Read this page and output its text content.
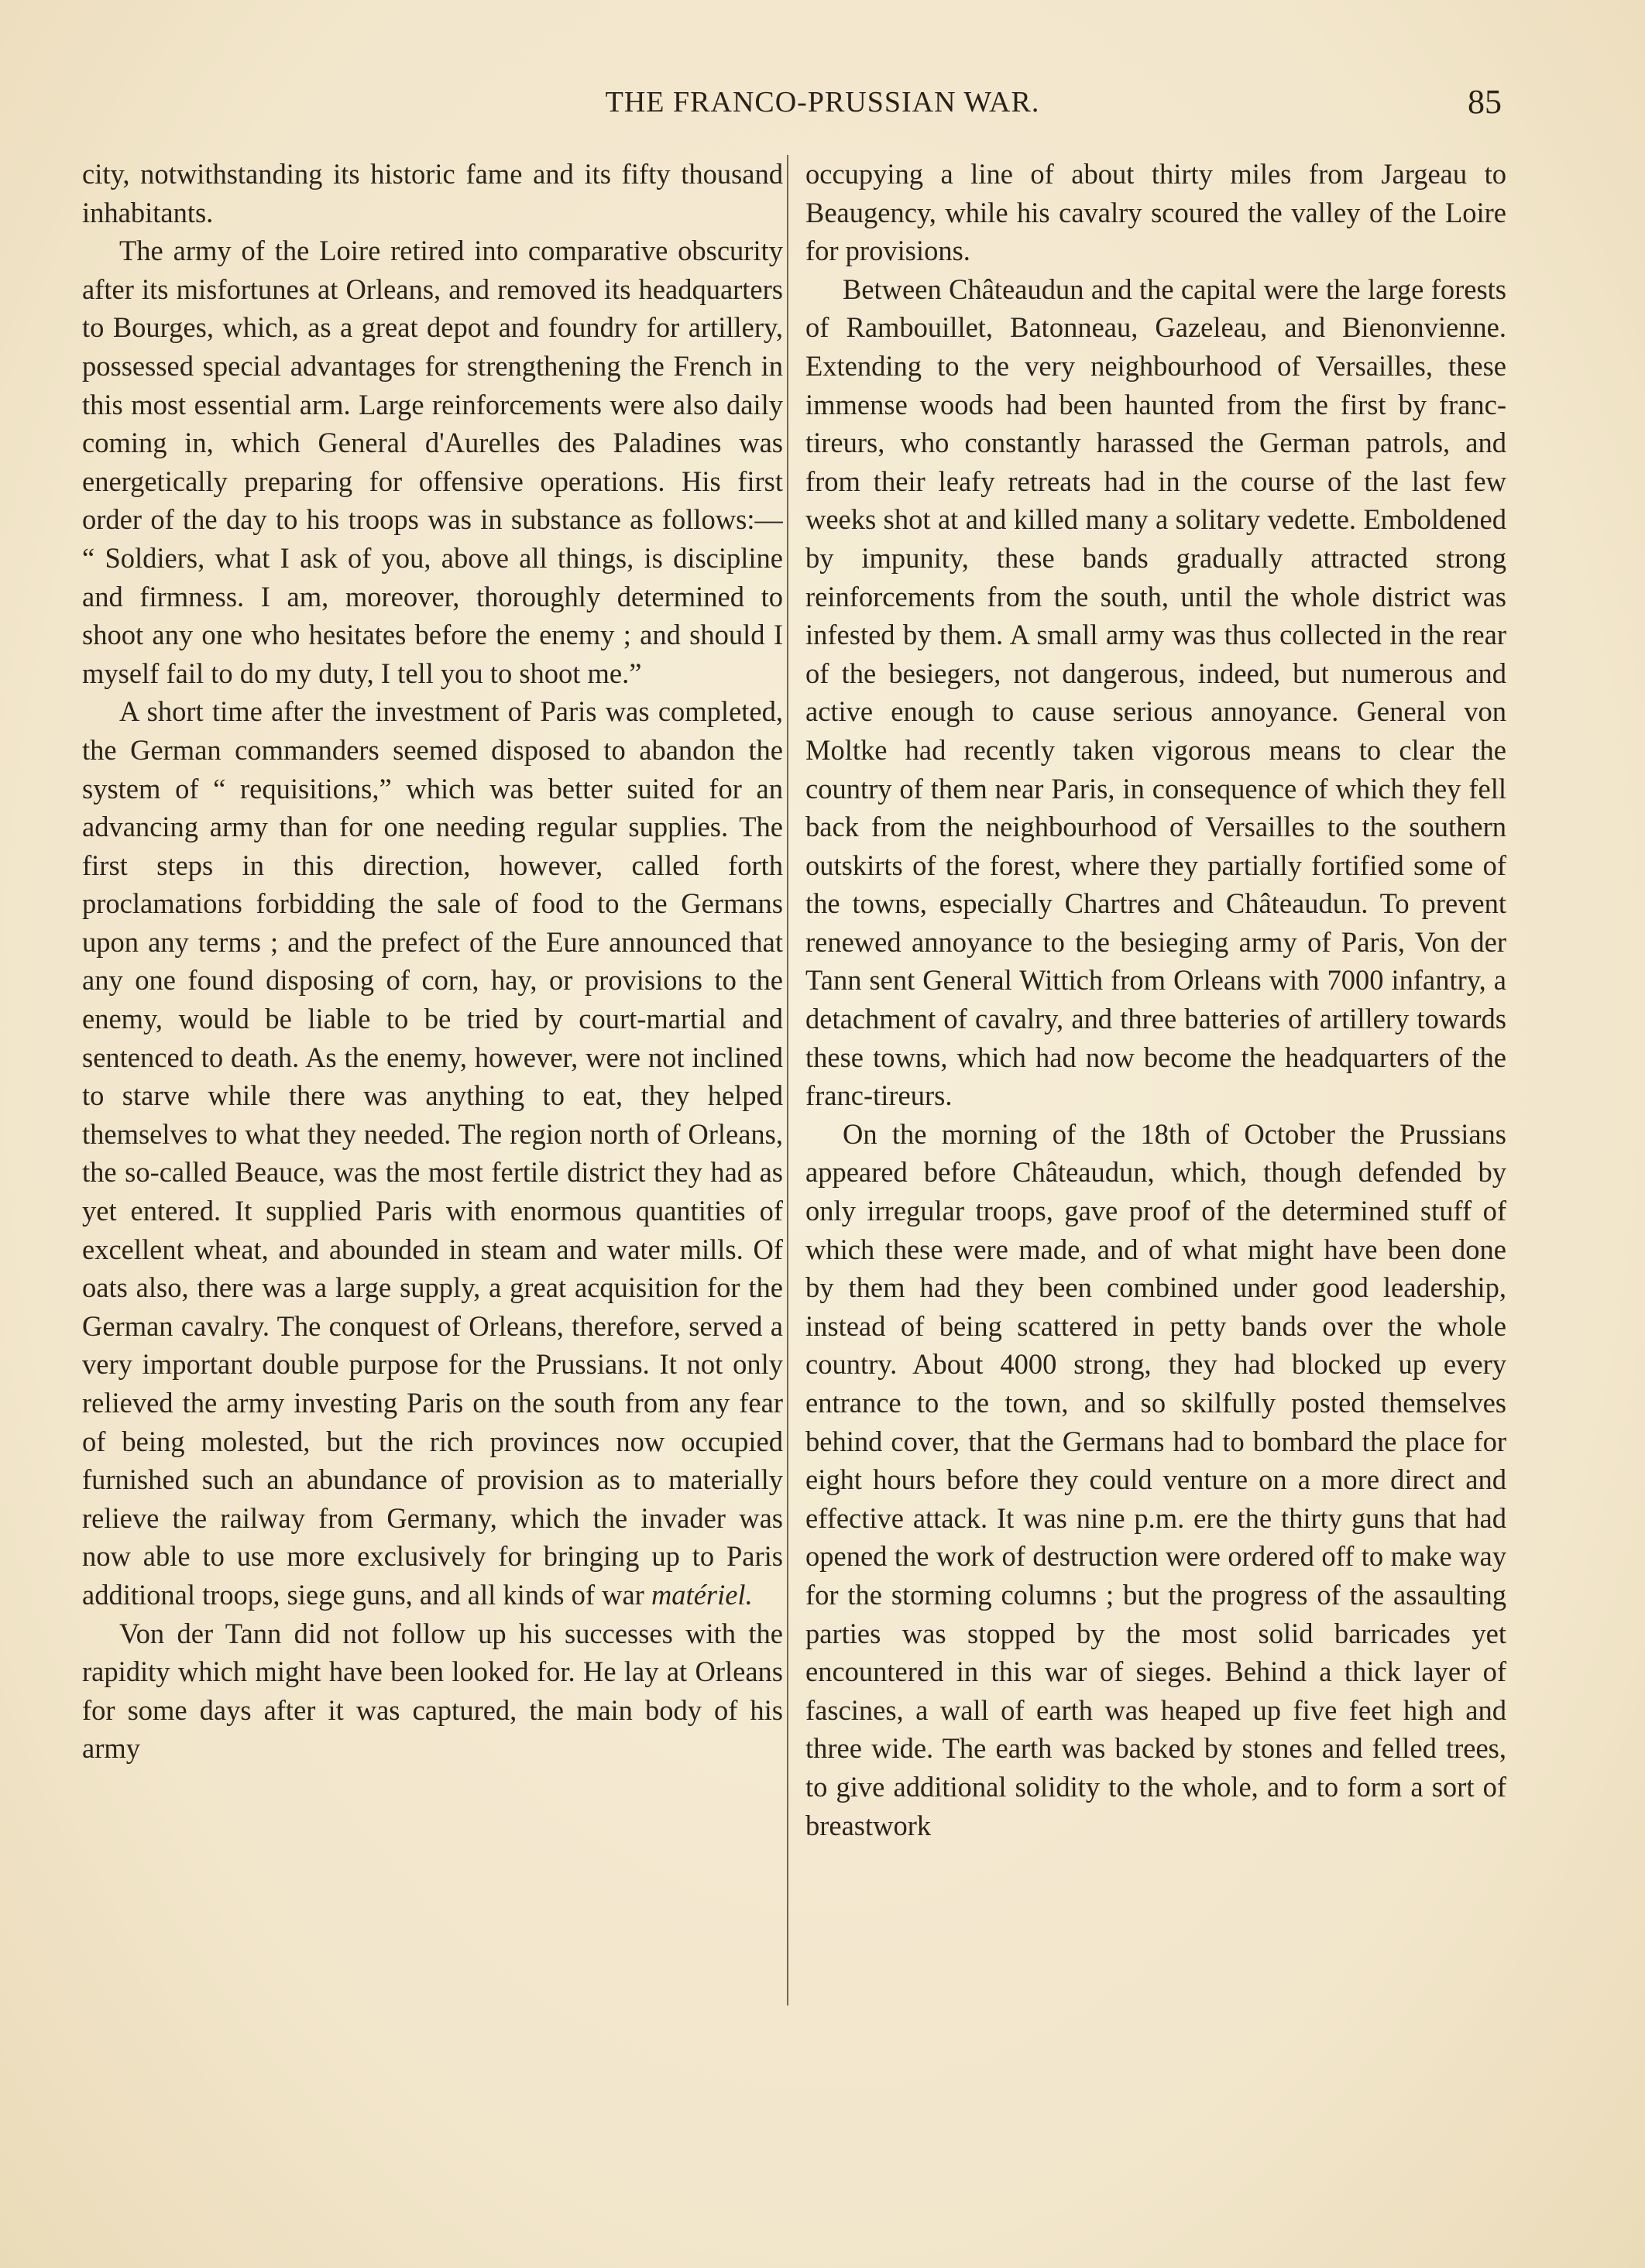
THE FRANCO-PRUSSIAN WAR.	85

city, notwithstanding its historic fame and its fifty thousand inhabitants.

The army of the Loire retired into comparative obscurity after its misfortunes at Orleans, and removed its headquarters to Bourges, which, as a great depot and foundry for artillery, possessed special advantages for strengthening the French in this most essential arm. Large reinforcements were also daily coming in, which General d'Aurelles des Paladines was energetically preparing for offensive operations. His first order of the day to his troops was in substance as follows:— “ Soldiers, what I ask of you, above all things, is discipline and firmness. I am, moreover, thoroughly determined to shoot any one who hesitates before the enemy ; and should I myself fail to do my duty, I tell you to shoot me.”

A short time after the investment of Paris was completed, the German commanders seemed disposed to abandon the system of “ requisitions,” which was better suited for an advancing army than for one needing regular supplies. The first steps in this direction, however, called forth proclamations forbidding the sale of food to the Germans upon any terms ; and the prefect of the Eure announced that any one found disposing of corn, hay, or provisions to the enemy, would be liable to be tried by court-martial and sentenced to death. As the enemy, however, were not inclined to starve while there was anything to eat, they helped themselves to what they needed. The region north of Orleans, the so-called Beauce, was the most fertile district they had as yet entered. It supplied Paris with enormous quantities of excellent wheat, and abounded in steam and water mills. Of oats also, there was a large supply, a great acquisition for the German cavalry. The conquest of Orleans, therefore, served a very important double purpose for the Prussians. It not only relieved the army investing Paris on the south from any fear of being molested, but the rich provinces now occupied furnished such an abundance of provision as to materially relieve the railway from Germany, which the invader was now able to use more exclusively for bringing up to Paris additional troops, siege guns, and all kinds of war matériel.

Von der Tann did not follow up his successes with the rapidity which might have been looked for. He lay at Orleans for some days after it was captured, the main body of his army

occupying a line of about thirty miles from Jargeau to Beaugency, while his cavalry scoured the valley of the Loire for provisions.

Between Châteaudun and the capital were the large forests of Rambouillet, Batonneau, Gazeleau, and Bienonvienne. Extending to the very neighbourhood of Versailles, these immense woods had been haunted from the first by franc-tireurs, who constantly harassed the German patrols, and from their leafy retreats had in the course of the last few weeks shot at and killed many a solitary vedette. Emboldened by impunity, these bands gradually attracted strong reinforcements from the south, until the whole district was infested by them. A small army was thus collected in the rear of the besiegers, not dangerous, indeed, but numerous and active enough to cause serious annoyance. General von Moltke had recently taken vigorous means to clear the country of them near Paris, in consequence of which they fell back from the neighbourhood of Versailles to the southern outskirts of the forest, where they partially fortified some of the towns, especially Chartres and Châteaudun. To prevent renewed annoyance to the besieging army of Paris, Von der Tann sent General Wittich from Orleans with 7000 infantry, a detachment of cavalry, and three batteries of artillery towards these towns, which had now become the headquarters of the franc-tireurs.

On the morning of the 18th of October the Prussians appeared before Châteaudun, which, though defended by only irregular troops, gave proof of the determined stuff of which these were made, and of what might have been done by them had they been combined under good leadership, instead of being scattered in petty bands over the whole country. About 4000 strong, they had blocked up every entrance to the town, and so skilfully posted themselves behind cover, that the Germans had to bombard the place for eight hours before they could venture on a more direct and effective attack. It was nine p.m. ere the thirty guns that had opened the work of destruction were ordered off to make way for the storming columns ; but the progress of the assaulting parties was stopped by the most solid barricades yet encountered in this war of sieges. Behind a thick layer of fascines, a wall of earth was heaped up five feet high and three wide. The earth was backed by stones and felled trees, to give additional solidity to the whole, and to form a sort of breastwork
